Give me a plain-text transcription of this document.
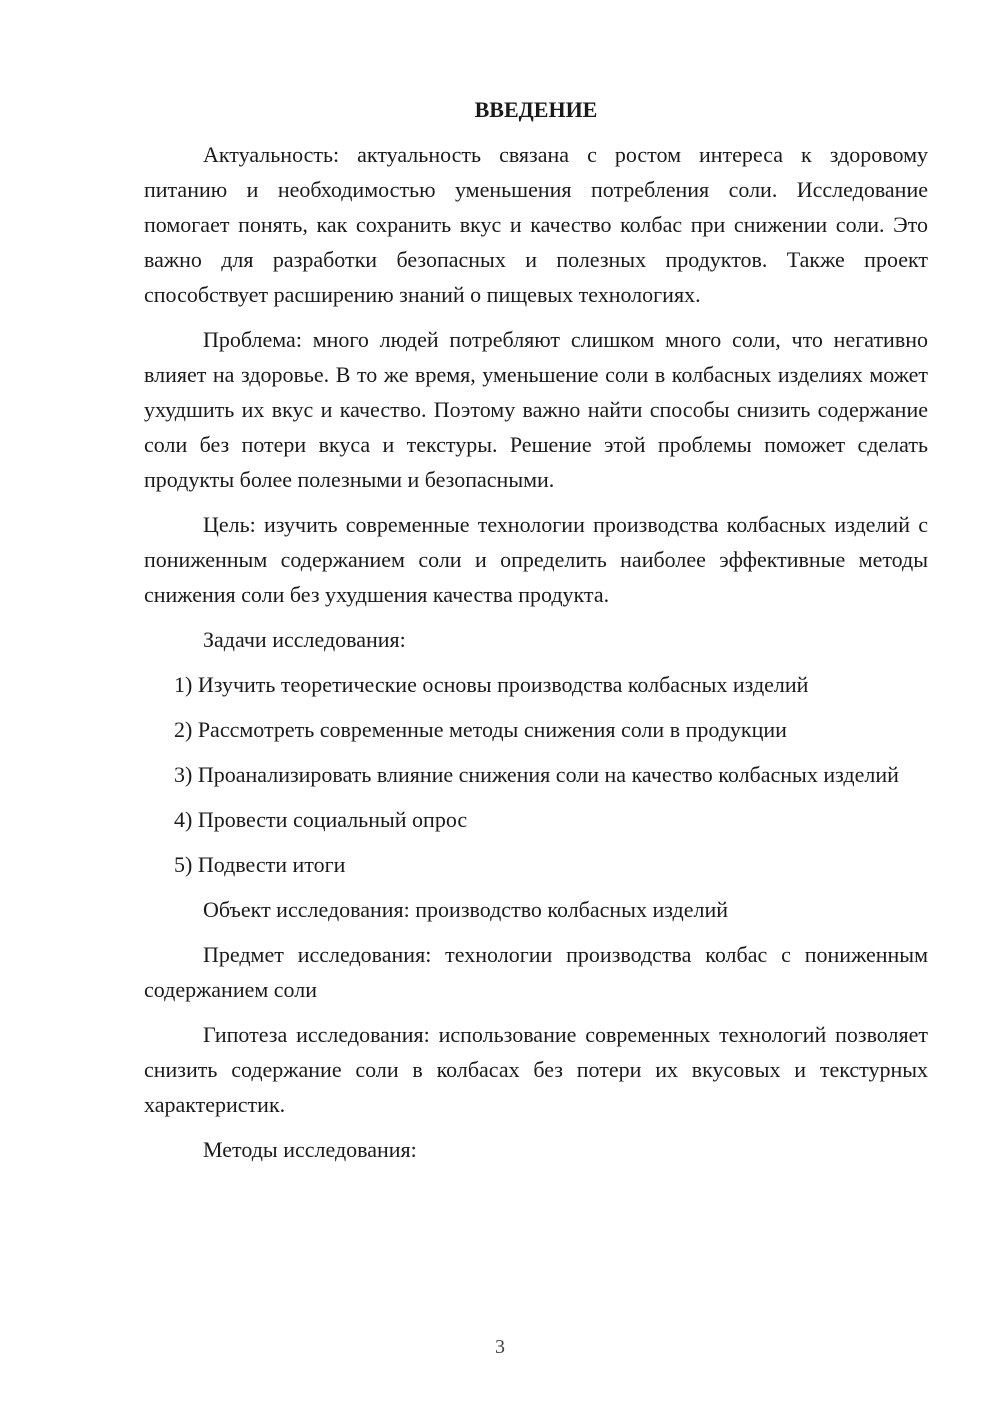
ВВЕДЕНИЕ

Актуальность: актуальность связана с ростом интереса к здоровому питанию и необходимостью уменьшения потребления соли. Исследование помогает понять, как сохранить вкус и качество колбас при снижении соли. Это важно для разработки безопасных и полезных продуктов. Также проект способствует расширению знаний о пищевых технологиях.

Проблема: много людей потребляют слишком много соли, что негативно влияет на здоровье. В то же время, уменьшение соли в колбасных изделиях может ухудшить их вкус и качество. Поэтому важно найти способы снизить содержание соли без потери вкуса и текстуры. Решение этой проблемы поможет сделать продукты более полезными и безопасными.

Цель: изучить современные технологии производства колбасных изделий с пониженным содержанием соли и определить наиболее эффективные методы снижения соли без ухудшения качества продукта.

Задачи исследования:

1) Изучить теоретические основы производства колбасных изделий

2) Рассмотреть современные методы снижения соли в продукции

3) Проанализировать влияние снижения соли на качество колбасных изделий

4) Провести социальный опрос

5) Подвести итоги

Объект исследования: производство колбасных изделий

Предмет исследования: технологии производства колбас с пониженным содержанием соли

Гипотеза исследования: использование современных технологий позволяет снизить содержание соли в колбасах без потери их вкусовых и текстурных характеристик.

Методы исследования:

3
